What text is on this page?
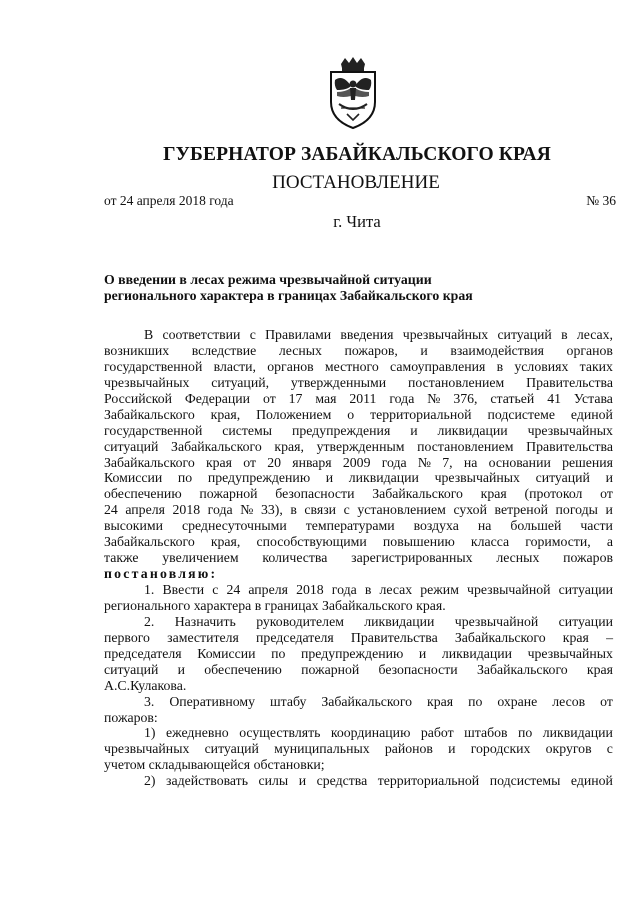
ГУБЕРНАТОР ЗАБАЙКАЛЬСКОГО КРАЯ
ПОСТАНОВЛЕНИЕ
от 24 апреля 2018 года	№ 36
г. Чита
О введении в лесах режима чрезвычайной ситуации
регионального характера в границах Забайкальского края
В соответствии с Правилами введения чрезвычайных ситуаций в лесах,
возникших вследствие лесных пожаров, и взаимодействия органов
государственной власти, органов местного самоуправления в условиях таких
чрезвычайных ситуаций, утвержденными постановлением Правительства
Российской Федерации от 17 мая 2011 года № 376, статьей 41 Устава
Забайкальского края, Положением о территориальной подсистеме единой
государственной системы предупреждения и ликвидации чрезвычайных
ситуаций Забайкальского края, утвержденным постановлением Правительства
Забайкальского края от 20 января 2009 года № 7, на основании решения
Комиссии по предупреждению и ликвидации чрезвычайных ситуаций и
обеспечению пожарной безопасности Забайкальского края (протокол от
24 апреля 2018 года № 33), в связи с установлением сухой ветреной погоды и
высокими среднесуточными температурами воздуха на большей части
Забайкальского края, способствующими повышению класса горимости, а
также увеличением количества зарегистрированных лесных пожаров
постановляю:
1. Ввести с 24 апреля 2018 года в лесах режим чрезвычайной ситуации
регионального характера в границах Забайкальского края.
2. Назначить руководителем ликвидации чрезвычайной ситуации
первого заместителя председателя Правительства Забайкальского края –
председателя Комиссии по предупреждению и ликвидации чрезвычайных
ситуаций и обеспечению пожарной безопасности Забайкальского края
А.С.Кулакова.
3. Оперативному штабу Забайкальского края по охране лесов от
пожаров:
1) ежедневно осуществлять координацию работ штабов по ликвидации
чрезвычайных ситуаций муниципальных районов и городских округов с
учетом складывающейся обстановки;
2) задействовать силы и средства территориальной подсистемы единой
